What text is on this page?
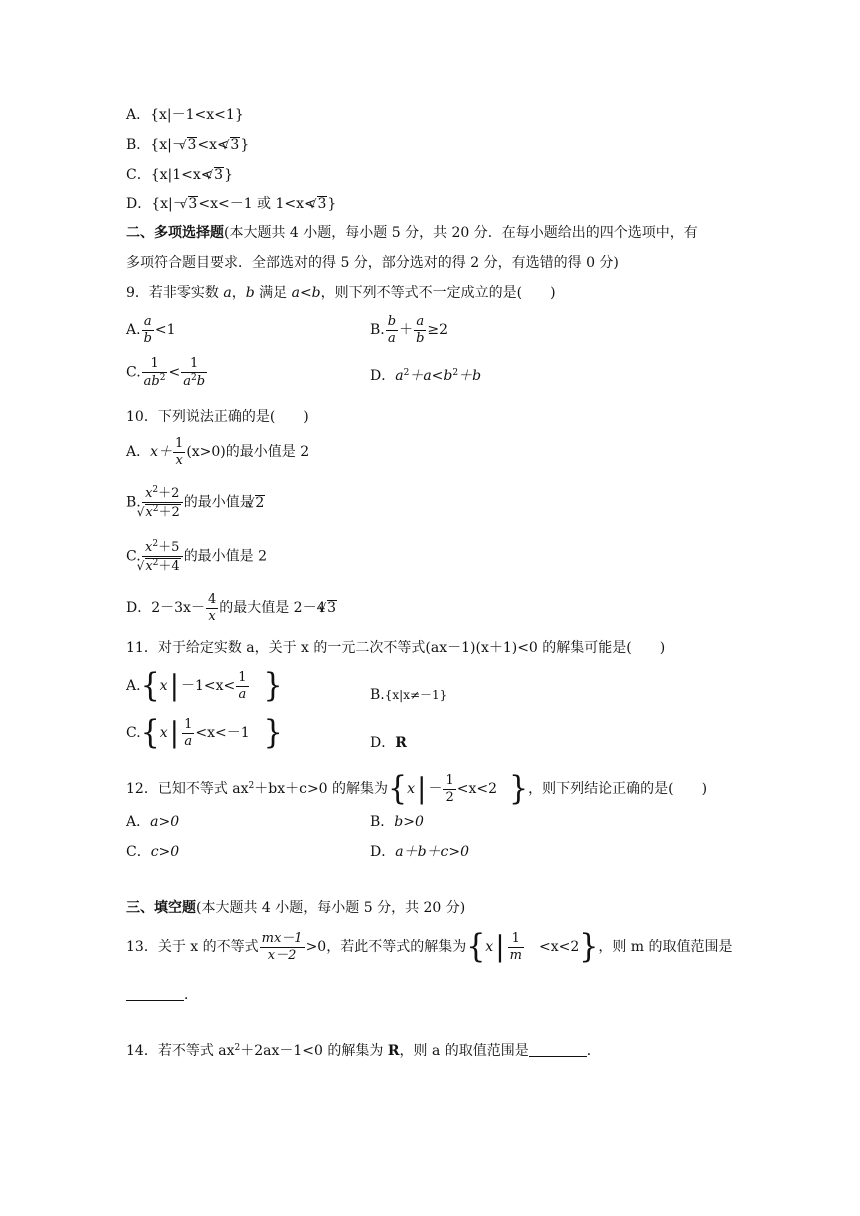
A．{x|－1<x<1}
B．{x|－ √ 3<x< √ 3}
C．{x|1<x< √ 3}
D．{x|－ √ 3<x<－1 或 1<x< √ 3}
二、多项选择题(本大题共 4 小题，每小题 5 分，共 20 分．在每小题给出的四个选项中，有
多项符合题目要求．全部选对的得 5 分，部分选对的得 2 分，有选错的得 0 分)
9．若非零实数 a，b 满足 a<b，则下列不等式不一定成立的是(　　)
A. $\frac{a}{b} <1$	B. $\frac{b}{a} + \frac{a}{b} \ge 2$
C. $\frac{1}{ab^2} < \frac{1}{a^2b}$	D．$a^2+a<b^2+b$
10．下列说法正确的是(　　)
A．$x+ \frac{1}{x} (x>0)$的最小值是 2
B. $x^2+2$
√ $x^2+2$ 的最小值是 √ 2
C. $x^2+5$
√ $x^2+4$ 的最小值是 2
D．$2-3x- \frac{4}{x}$ 的最大值是 2－4 √ 3
11．对于给定实数 a，关于 x 的一元二次不等式(ax－1)(x＋1)<0 的解集可能是(　　)
$A.\{x| -1<x< \frac{1}{a}$ }	B.{x|x≠－1}
$C.\{x| \frac{1}{a} <x<-1$ }	D．R
12．已知不等式 $ax^2+bx+c>0$ 的解集为{$x| - \frac{1}{2} <x<2$ }，则下列结论正确的是(　　)
A．a>0	B．b>0
C．c>0	D．a＋b＋c>0
三、填空题(本大题共 4 小题，每小题 5 分，共 20 分)
13．关于 x 的不等式 $\frac{mx-1}{x-2} >0$，若此不等式的解集为$\{x| \frac{1}{m} <x<2\}$，则 m 的取值范围是
．
14．若不等式 $ax^2+2ax-1<0$ 的解集为 R，则 a 的取值范围是	．
